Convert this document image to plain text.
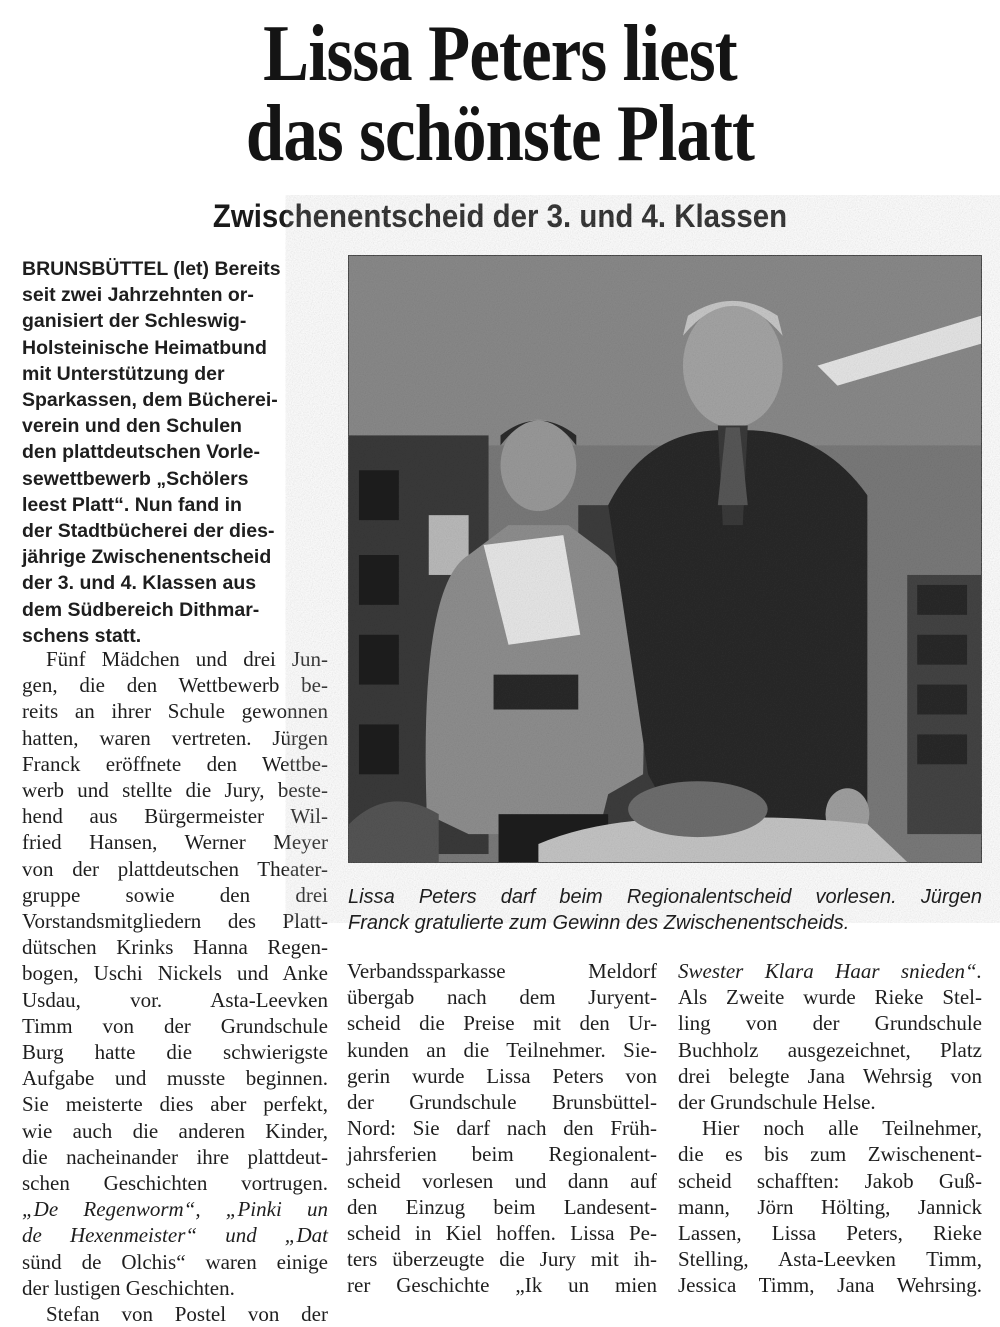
Lissa Peters liest
das schönste Platt
Zwischenentscheid der 3. und 4. Klassen
BRUNSBÜTTEL (let) Bereits
seit zwei Jahrzehnten or-
ganisiert der Schleswig-
Holsteinische Heimatbund
mit Unterstützung der
Sparkassen, dem Bücherei-
verein und den Schulen
den plattdeutschen Vorle-
sewettbewerb „Schölers
leest Platt“. Nun fand in
der Stadtbücherei der dies-
jährige Zwischenentscheid
der 3. und 4. Klassen aus
dem Südbereich Dithmar-
schens statt.
Fünf Mädchen und drei Jun-
gen, die den Wettbewerb be-
reits an ihrer Schule gewonnen
hatten, waren vertreten. Jürgen
Franck eröffnete den Wettbe-
werb und stellte die Jury, beste-
hend aus Bürgermeister Wil-
fried Hansen, Werner Meyer
von der plattdeutschen Theater-
gruppe sowie den drei
Vorstandsmitgliedern des Platt-
dütschen Krinks Hanna Regen-
bogen, Uschi Nickels und Anke
Usdau, vor. Asta-Leevken
Timm von der Grundschule
Burg hatte die schwierigste
Aufgabe und musste beginnen.
Sie meisterte dies aber perfekt,
wie auch die anderen Kinder,
die nacheinander ihre plattdeut-
schen Geschichten vortrugen.
„De Regenworm“, „Pinki un
de Hexenmeister“ und „Dat
sünd de Olchis“ waren einige
der lustigen Geschichten.
Stefan von Postel von der
Lissa Peters darf beim Regionalentscheid vorlesen. Jürgen
Franck gratulierte zum Gewinn des Zwischenentscheids.
Verbandssparkasse Meldorf
übergab nach dem Juryent-
scheid die Preise mit den Ur-
kunden an die Teilnehmer. Sie-
gerin wurde Lissa Peters von
der Grundschule Brunsbüttel-
Nord: Sie darf nach den Früh-
jahrsferien beim Regionalent-
scheid vorlesen und dann auf
den Einzug beim Landesent-
scheid in Kiel hoffen. Lissa Pe-
ters überzeugte die Jury mit ih-
rer Geschichte „Ik un mien
Swester Klara Haar snieden“.
Als Zweite wurde Rieke Stel-
ling von der Grundschule
Buchholz ausgezeichnet, Platz
drei belegte Jana Wehrsig von
der Grundschule Helse.
Hier noch alle Teilnehmer,
die es bis zum Zwischenent-
scheid schafften: Jakob Guß-
mann, Jörn Hölting, Jannick
Lassen, Lissa Peters, Rieke
Stelling, Asta-Leevken Timm,
Jessica Timm, Jana Wehrsing.
